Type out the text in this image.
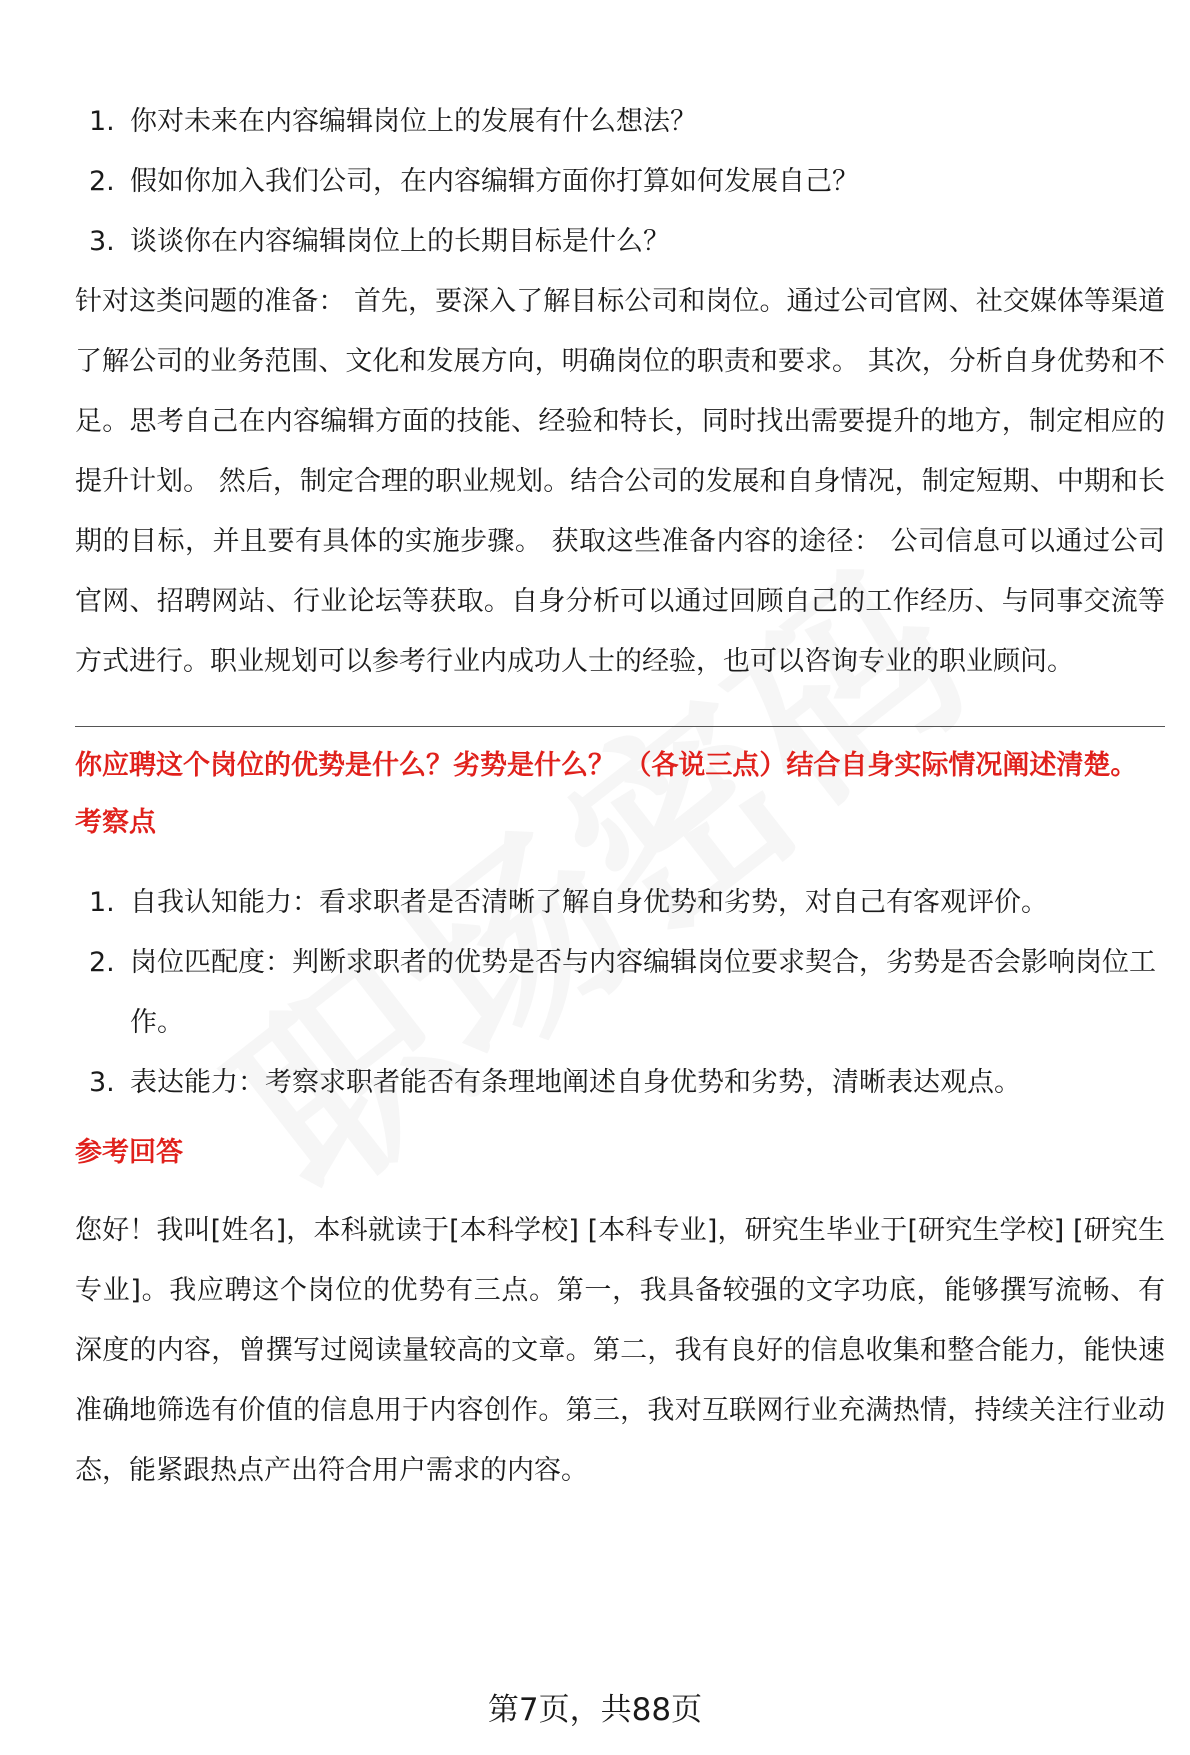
1. 你对未来在内容编辑岗位上的发展有什么想法？
2. 假如你加入我们公司，在内容编辑方面你打算如何发展自己？
3. 谈谈你在内容编辑岗位上的长期目标是什么？

针对这类问题的准备： 首先，要深入了解目标公司和岗位。通过公司官网、社交媒体等渠道了解公司的业务范围、文化和发展方向，明确岗位的职责和要求。 其次，分析自身优势和不足。思考自己在内容编辑方面的技能、经验和特长，同时找出需要提升的地方，制定相应的提升计划。 然后，制定合理的职业规划。结合公司的发展和自身情况，制定短期、中期和长期的目标，并且要有具体的实施步骤。 获取这些准备内容的途径： 公司信息可以通过公司官网、招聘网站、行业论坛等获取。自身分析可以通过回顾自己的工作经历、与同事交流等方式进行。职业规划可以参考行业内成功人士的经验，也可以咨询专业的职业顾问。

你应聘这个岗位的优势是什么？劣势是什么？ （各说三点）结合自身实际情况阐述清楚。
考察点
1. 自我认知能力：看求职者是否清晰了解自身优势和劣势，对自己有客观评价。
2. 岗位匹配度：判断求职者的优势是否与内容编辑岗位要求契合，劣势是否会影响岗位工作。
3. 表达能力：考察求职者能否有条理地阐述自身优势和劣势，清晰表达观点。
参考回答

您好！我叫[姓名]，本科就读于[本科学校] [本科专业]，研究生毕业于[研究生学校] [研究生专业]。我应聘这个岗位的优势有三点。第一，我具备较强的文字功底，能够撰写流畅、有深度的内容，曾撰写过阅读量较高的文章。第二，我有良好的信息收集和整合能力，能快速准确地筛选有价值的信息用于内容创作。第三，我对互联网行业充满热情，持续关注行业动态，能紧跟热点产出符合用户需求的内容。

第7页，共88页
